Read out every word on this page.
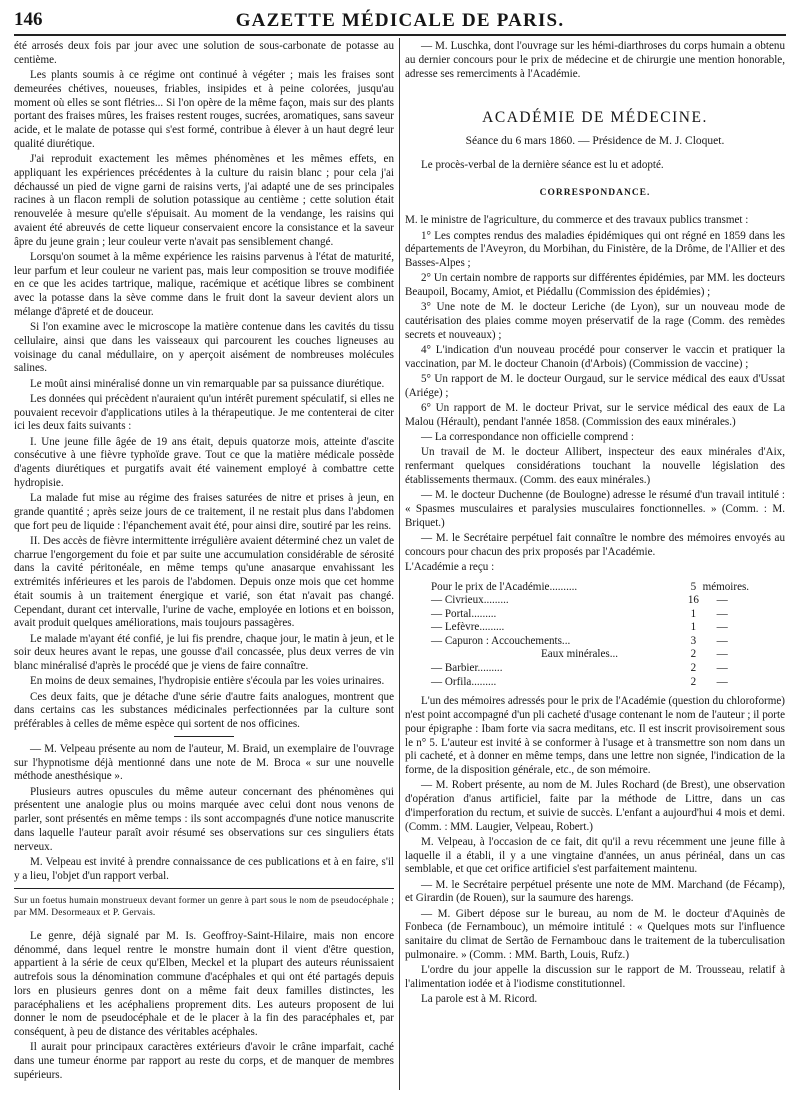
146	GAZETTE MÉDICALE DE PARIS.

été arrosés deux fois par jour avec une solution de sous-carbonate de potasse au centième.

Les plants soumis à ce régime ont continué à végéter ; mais les fraises sont demeurées chétives, noueuses, friables, insipides et à peine colorées, jusqu'au moment où elles se sont flétries... Si l'on opère de la même façon, mais sur des plants portant des fraises mûres, les fraises restent rouges, sucrées, aromatiques, sans saveur acide, et le malate de potasse qui s'est formé, contribue à élever à un haut degré leur qualité diurétique.

J'ai reproduit exactement les mêmes phénomènes et les mêmes effets, en appliquant les expériences précédentes à la culture du raisin blanc ; pour cela j'ai déchaussé un pied de vigne garni de raisins verts, j'ai adapté une de ses principales racines à un flacon rempli de solution potassique au centième ; cette solution était renouvelée à mesure qu'elle s'épuisait. Au moment de la vendange, les raisins qui avaient été abreuvés de cette liqueur conservaient encore la consistance et la saveur âpre du jeune grain ; leur couleur verte n'avait pas sensiblement changé.

Lorsqu'on soumet à la même expérience les raisins parvenus à l'état de maturité, leur parfum et leur couleur ne varient pas, mais leur composition se trouve modifiée en ce que les acides tartrique, malique, racémique et acétique libres se combinent avec la potasse dans la sève comme dans le fruit dont la saveur devient alors un mélange d'âpreté et de douceur.

Si l'on examine avec le microscope la matière contenue dans les cavités du tissu cellulaire, ainsi que dans les vaisseaux qui parcourent les couches ligneuses au voisinage du canal médullaire, on y aperçoit aisément de nombreuses molécules salines.

Le moût ainsi minéralisé donne un vin remarquable par sa puissance diurétique.

Les données qui précèdent n'auraient qu'un intérêt purement spéculatif, si elles ne pouvaient recevoir d'applications utiles à la thérapeutique. Je me contenterai de citer ici les deux faits suivants :

I. Une jeune fille âgée de 19 ans était, depuis quatorze mois, atteinte d'ascite consécutive à une fièvre typhoïde grave. Tout ce que la matière médicale possède d'agents diurétiques et purgatifs avait été vainement employé à combattre cette hydropisie.

La malade fut mise au régime des fraises saturées de nitre et prises à jeun, en grande quantité ; après seize jours de ce traitement, il ne restait plus dans l'abdomen que fort peu de liquide : l'épanchement avait été, pour ainsi dire, soutiré par les reins.

II. Des accès de fièvre intermittente irrégulière avaient déterminé chez un valet de charrue l'engorgement du foie et par suite une accumulation considérable de sérosité dans la cavité péritonéale, en même temps qu'une anasarque envahissant les extrémités inférieures et les parois de l'abdomen. Depuis onze mois que cet homme était soumis à un traitement énergique et varié, son état n'avait pas changé. Cependant, durant cet intervalle, l'urine de vache, employée en lotions et en boisson, avait produit quelques améliorations, mais toujours passagères.

Le malade m'ayant été confié, je lui fis prendre, chaque jour, le matin à jeun, et le soir deux heures avant le repas, une gousse d'ail concassée, plus deux verres de vin blanc minéralisé d'après le procédé que je viens de faire connaître.

En moins de deux semaines, l'hydropisie entière s'écoula par les voies urinaires.

Ces deux faits, que je détache d'une série d'autre faits analogues, montrent que dans certains cas les substances médicinales perfectionnées par la culture sont préférables à celles de même espèce qui sortent de nos officines.

— M. Velpeau présente au nom de l'auteur, M. Braid, un exemplaire de l'ouvrage sur l'hypnotisme déjà mentionné dans une note de M. Broca « sur une nouvelle méthode anesthésique ».

Plusieurs autres opuscules du même auteur concernant des phénomènes qui présentent une analogie plus ou moins marquée avec celui dont nous venons de parler, sont présentés en même temps : ils sont accompagnés d'une notice manuscrite dans laquelle l'auteur paraît avoir résumé ses observations sur ces singuliers états nerveux.

M. Velpeau est invité à prendre connaissance de ces publications et à en faire, s'il y a lieu, l'objet d'un rapport verbal.

Sur un foetus humain monstrueux devant former un genre à part sous le nom de pseudocéphale ; par MM. Desormeaux et P. Gervais.

Le genre, déjà signalé par M. Is. Geoffroy-Saint-Hilaire, mais non encore dénommé, dans lequel rentre le monstre humain dont il vient d'être question, appartient à la série de ceux qu'Elben, Meckel et la plupart des auteurs réunissaient autrefois sous la dénomination commune d'acéphales et qui ont été partagés depuis lors en plusieurs genres dont on a même fait deux familles distinctes, les paracéphaliens et les acéphaliens proprement dits. Les auteurs proposent de lui donner le nom de pseudocéphale et de le placer à la fin des paracéphales et, par conséquent, à peu de distance des véritables acéphales.

Il aurait pour principaux caractères extérieurs d'avoir le crâne imparfait, caché dans une tumeur énorme par rapport au reste du corps, et de manquer de membres supérieurs.

— M. Luschka, dont l'ouvrage sur les hémi-diarthroses du corps humain a obtenu au dernier concours pour le prix de médecine et de chirurgie une mention honorable, adresse ses remerciments à l'Académie.

ACADÉMIE DE MÉDECINE.
Séance du 6 mars 1860. — Présidence de M. J. Cloquet.

Le procès-verbal de la dernière séance est lu et adopté.

CORRESPONDANCE.

M. le ministre de l'agriculture, du commerce et des travaux publics transmet :

1° Les comptes rendus des maladies épidémiques qui ont régné en 1859 dans les départements de l'Aveyron, du Morbihan, du Finistère, de la Drôme, de l'Allier et des Basses-Alpes ;

2° Un certain nombre de rapports sur différentes épidémies, par MM. les docteurs Beaupoil, Bocamy, Amiot, et Piédallu (Commission des épidémies) ;

3° Une note de M. le docteur Leriche (de Lyon), sur un nouveau mode de cautérisation des plaies comme moyen préservatif de la rage (Comm. des remèdes secrets et nouveaux) ;

4° L'indication d'un nouveau procédé pour conserver le vaccin et pratiquer la vaccination, par M. le docteur Chanoin (d'Arbois) (Commission de vaccine) ;

5° Un rapport de M. le docteur Ourgaud, sur le service médical des eaux d'Ussat (Ariége) ;

6° Un rapport de M. le docteur Privat, sur le service médical des eaux de La Malou (Hérault), pendant l'année 1858. (Commission des eaux minérales.)

— La correspondance non officielle comprend :

Un travail de M. le docteur Allibert, inspecteur des eaux minérales d'Aix, renfermant quelques considérations touchant la nouvelle législation des établissements thermaux. (Comm. des eaux minérales.)

— M. le docteur Duchenne (de Boulogne) adresse le résumé d'un travail intitulé : « Spasmes musculaires et paralysies musculaires fonctionnelles. » (Comm. : M. Briquet.)

— M. le Secrétaire perpétuel fait connaître le nombre des mémoires envoyés au concours pour chacun des prix proposés par l'Académie.

L'Académie a reçu :

Pour le prix de l'Académie..........	5	mémoires.
— Civrieux.........	16	—
— Portal.........	1	—
— Lefèvre.........	1	—
— Capuron : Accouchements...	3	—
Eaux minérales...	2	—
— Barbier.........	2	—
— Orfila.........	2	—

L'un des mémoires adressés pour le prix de l'Académie (question du chloroforme) n'est point accompagné d'un pli cacheté d'usage contenant le nom de l'auteur ; il porte pour épigraphe : Ibam forte via sacra meditans, etc. Il est inscrit provisoirement sous le n° 5. L'auteur est invité à se conformer à l'usage et à transmettre son nom dans un pli cacheté, et à donner en même temps, dans une lettre non signée, l'indication de la forme, de la disposition générale, etc., de son mémoire.

— M. Robert présente, au nom de M. Jules Rochard (de Brest), une observation d'opération d'anus artificiel, faite par la méthode de Littre, dans un cas d'imperforation du rectum, et suivie de succès. L'enfant a aujourd'hui 4 mois et demi. (Comm. : MM. Laugier, Velpeau, Robert.)

M. Velpeau, à l'occasion de ce fait, dit qu'il a revu récemment une jeune fille à laquelle il a établi, il y a une vingtaine d'années, un anus périnéal, dans un cas semblable, et que cet orifice artificiel s'est parfaitement maintenu.

— M. le Secrétaire perpétuel présente une note de MM. Marchand (de Fécamp), et Girardin (de Rouen), sur la saumure des harengs.

— M. Gibert dépose sur le bureau, au nom de M. le docteur d'Aquinès de Fonbeca (de Fernambouc), un mémoire intitulé : « Quelques mots sur l'influence sanitaire du climat de Sertão de Fernambouc dans le traitement de la tuberculisation pulmonaire. » (Comm. : MM. Barth, Louis, Rufz.)

L'ordre du jour appelle la discussion sur le rapport de M. Trousseau, relatif à l'alimentation iodée et à l'iodisme constitutionnel.

La parole est à M. Ricord.
